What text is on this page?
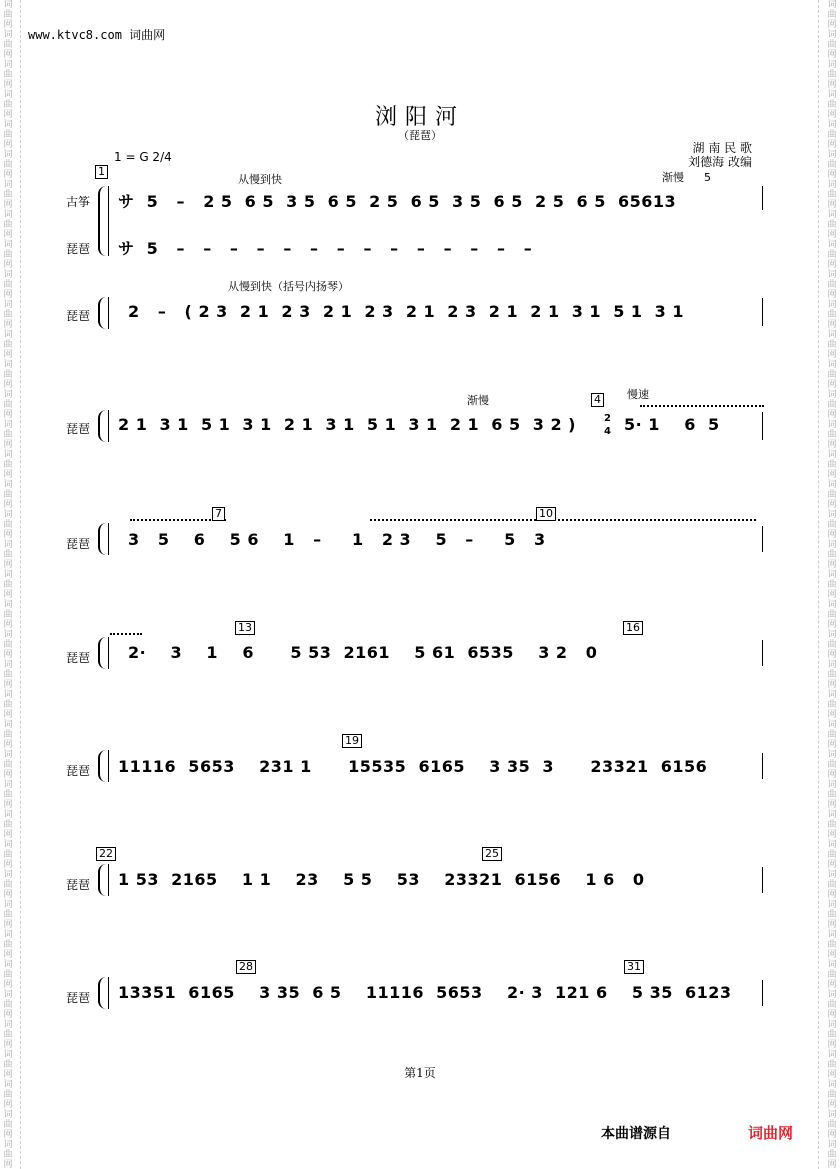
词曲网词曲网词曲网词曲网词曲网词曲网词曲网词曲网词曲网词曲网词曲网词曲网词曲网词曲网词曲网词曲网词曲网词曲网词曲网词曲网词曲网词曲网词曲网词曲网词曲网词曲网词曲网词曲网词曲网词曲网词曲网词曲网词曲网词曲网词曲网词曲网词曲网词曲网词曲网
词曲网词曲网词曲网词曲网词曲网词曲网词曲网词曲网词曲网词曲网词曲网词曲网词曲网词曲网词曲网词曲网词曲网词曲网词曲网词曲网词曲网词曲网词曲网词曲网词曲网词曲网词曲网词曲网词曲网词曲网词曲网词曲网词曲网词曲网词曲网词曲网词曲网词曲网词曲网
www.ktvc8.com 词曲网
浏阳河
（琵琶）
湖 南 民 歌
刘德海 改编
1 = G 2/4
1
从慢到快	渐慢 5
古筝
琵琶
サ  5   –   2 5  6 5  3 5  6 5  2 5  6 5  3 5  6 5  2 5  6 5  65613
サ  5   –   –   –   –   –   –   –   –   –   –   –   –   –   –
从慢到快（括号内扬琴）
琵琶 2   –   ( 2 3  2 1  2 3  2 1  2 3  2 1  2 3  2 1  2 1  3 1  5 1  3 1
渐慢	4 慢速
琵琶 2 1  3 1  5 1  3 1  2 1  3 1  5 1  3 1  2 1  6 5  3 2 )	2
4 5· 1    6  5
7	10
琵琶 3   5    6    5 6    1   –     1   2 3    5   –     5   3
13	16
琵琶 2·    3    1    6      5 53  2161    5 61  6535    3 2   0
19
琵琶 11116  5653    231 1      15535  6165    3 35  3      23321  6156
22	25
琵琶 1 53  2165    1 1    23    5 5    53    23321  6156    1 6   0
28	31
琵琶 13351  6165    3 35  6 5    11116  5653    2· 3  121 6    5 35  6123
第1页
本曲谱源自	词曲网
